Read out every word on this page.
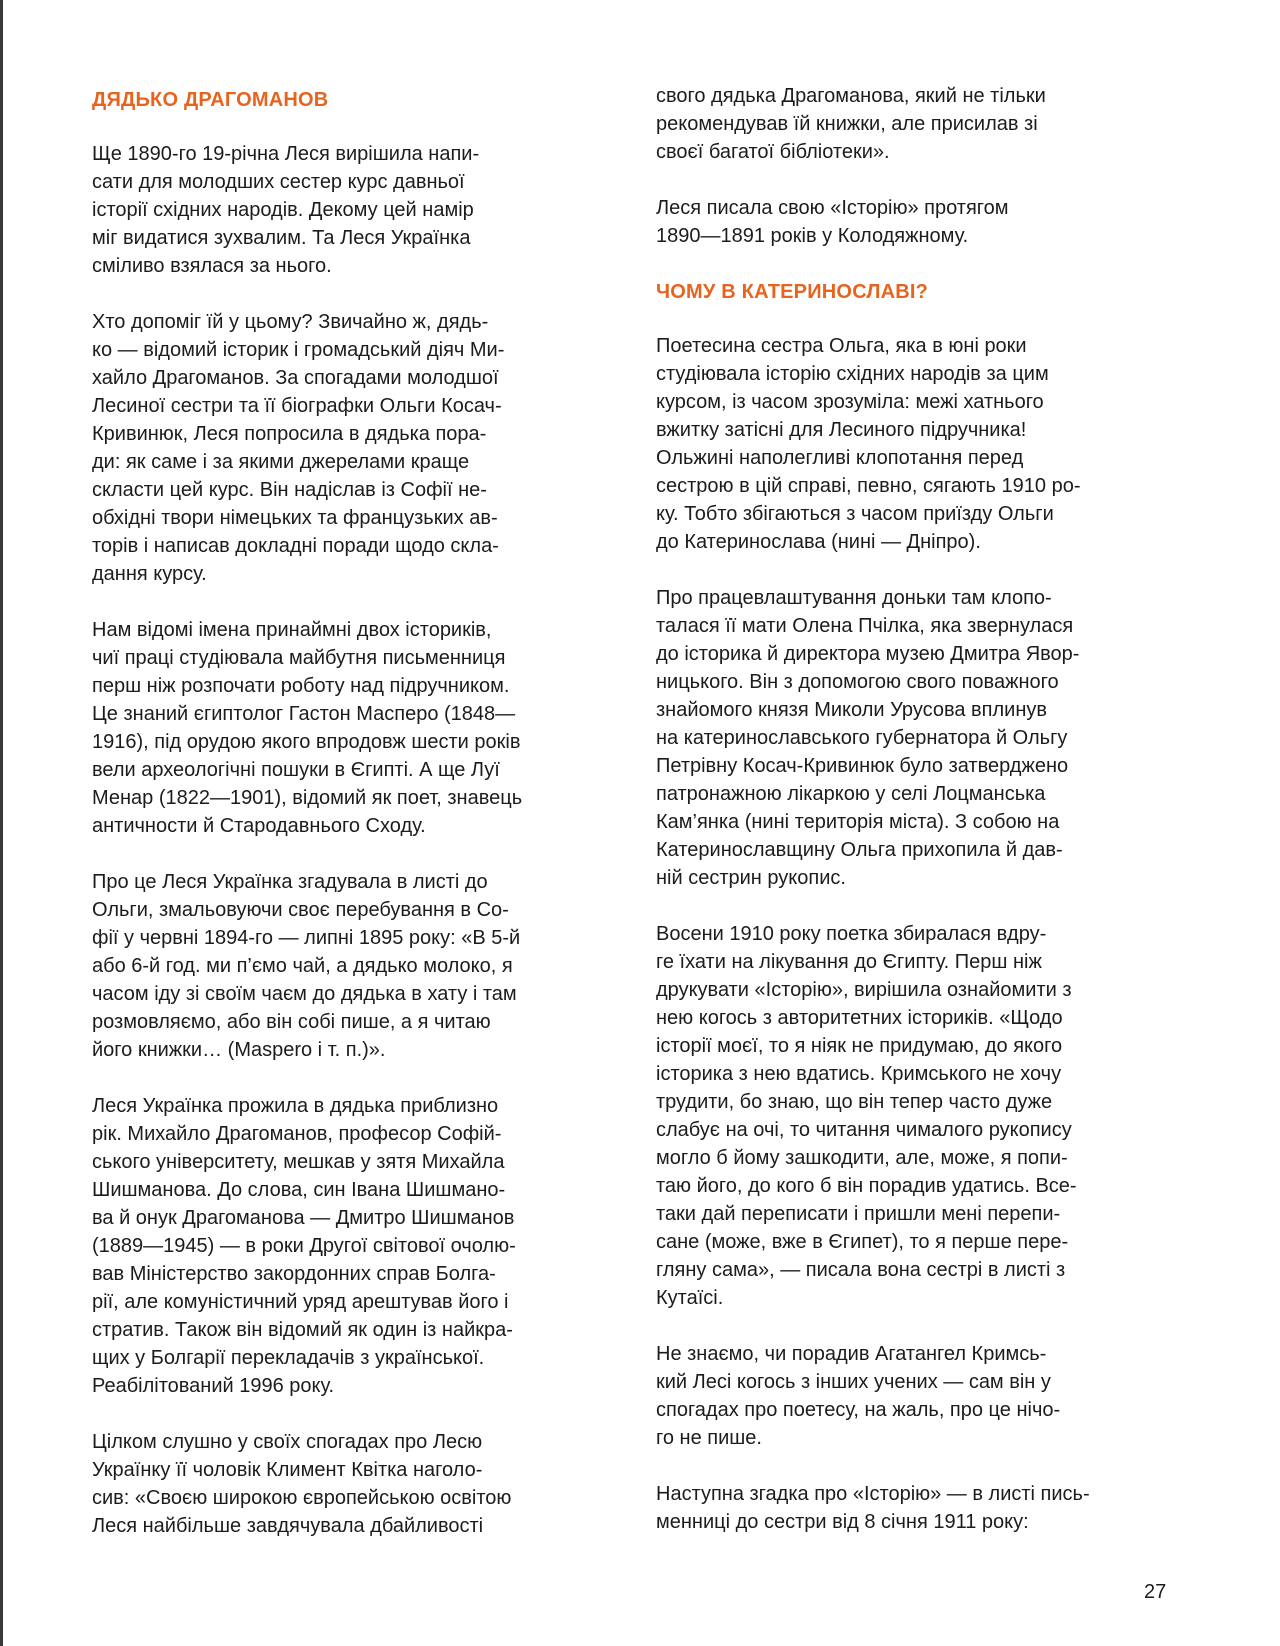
ДЯДЬКО ДРАГОМАНОВ

Ще 1890-го 19-річна Леся вирішила напи-
сати для молодших сестер курс давньої
історії східних народів. Декому цей намір
міг видатися зухвалим. Та Леся Українка
сміливо взялася за нього.

Хто допоміг їй у цьому? Звичайно ж, дядь-
ко — відомий історик і громадський діяч Ми-
хайло Драгоманов. За спогадами молодшої
Лесиної сестри та її біографки Ольги Косач-
Кривинюк, Леся попросила в дядька пора-
ди: як саме і за якими джерелами краще
скласти цей курс. Він надіслав із Софії не-
обхідні твори німецьких та французьких ав-
торів і написав докладні поради щодо скла-
дання курсу.

Нам відомі імена принаймні двох істориків,
чиї праці студіювала майбутня письменниця
перш ніж розпочати роботу над підручником.
Це знаний єгиптолог Гастон Масперо (1848—
1916), під орудою якого впродовж шести років
вели археологічні пошуки в Єгипті. А ще Луї
Менар (1822—1901), відомий як поет, знавець
античности й Стародавнього Сходу.

Про це Леся Українка згадувала в листі до
Ольги, змальовуючи своє перебування в Со-
фії у червні 1894-го — липні 1895 року: «В 5-й
або 6-й год. ми п’ємо чай, а дядько молоко, я
часом іду зі своїм чаєм до дядька в хату і там
розмовляємо, або він собі пише, а я читаю
його книжки… (Maspero і т. п.)».

Леся Українка прожила в дядька приблизно
рік. Михайло Драгоманов, професор Софій-
ського університету, мешкав у зятя Михайла
Шишманова. До слова, син Івана Шишмано-
ва й онук Драгоманова — Дмитро Шишманов
(1889—1945) — в роки Другої світової очолю-
вав Міністерство закордонних справ Болга-
рії, але комуністичний уряд арештував його і
стратив. Також він відомий як один із найкра-
щих у Болгарії перекладачів з української.
Реабілітований 1996 року.

Цілком слушно у своїх спогадах про Лесю
Українку її чоловік Климент Квітка наголо-
сив: «Своєю широкою європейською освітою
Леся найбільше завдячувала дбайливості

свого дядька Драгоманова, який не тільки
рекомендував їй книжки, але присилав зі
своєї багатої бібліотеки».

Леся писала свою «Історію» протягом
1890—1891 років у Колодяжному.

ЧОМУ В КАТЕРИНОСЛАВІ?

Поетесина сестра Ольга, яка в юні роки
студіювала історію східних народів за цим
курсом, із часом зрозуміла: межі хатнього
вжитку затісні для Лесиного підручника!
Ольжині наполегливі клопотання перед
сестрою в цій справі, певно, сягають 1910 ро-
ку. Тобто збігаються з часом приїзду Ольги
до Катеринослава (нині — Дніпро).

Про працевлаштування доньки там клопо-
талася її мати Олена Пчілка, яка звернулася
до історика й директора музею Дмитра Явор-
ницького. Він з допомогою свого поважного
знайомого князя Миколи Урусова вплинув
на катеринославського губернатора й Ольгу
Петрівну Косач-Кривинюк було затверджено
патронажною лікаркою у селі Лоцманська
Кам’янка (нині територія міста). З собою на
Катеринославщину Ольга прихопила й дав-
ній сестрин рукопис.

Восени 1910 року поетка збиралася вдру-
ге їхати на лікування до Єгипту. Перш ніж
друкувати «Історію», вирішила ознайомити з
нею когось з авторитетних істориків. «Щодо
історії моєї, то я ніяк не придумаю, до якого
історика з нею вдатись. Кримського не хочу
трудити, бо знаю, що він тепер часто дуже
слабує на очі, то читання чималого рукопису
могло б йому зашкодити, але, може, я попи-
таю його, до кого б він порадив удатись. Все-
таки дай переписати і пришли мені перепи-
сане (може, вже в Єгипет), то я перше пере-
гляну сама», — писала вона сестрі в листі з
Кутаїсі.

Не знаємо, чи порадив Агатангел Кримсь-
кий Лесі когось з інших учених — сам він у
спогадах про поетесу, на жаль, про це нічо-
го не пише.

Наступна згадка про «Історію» — в листі пись-
менниці до сестри від 8 січня 1911 року:

27
